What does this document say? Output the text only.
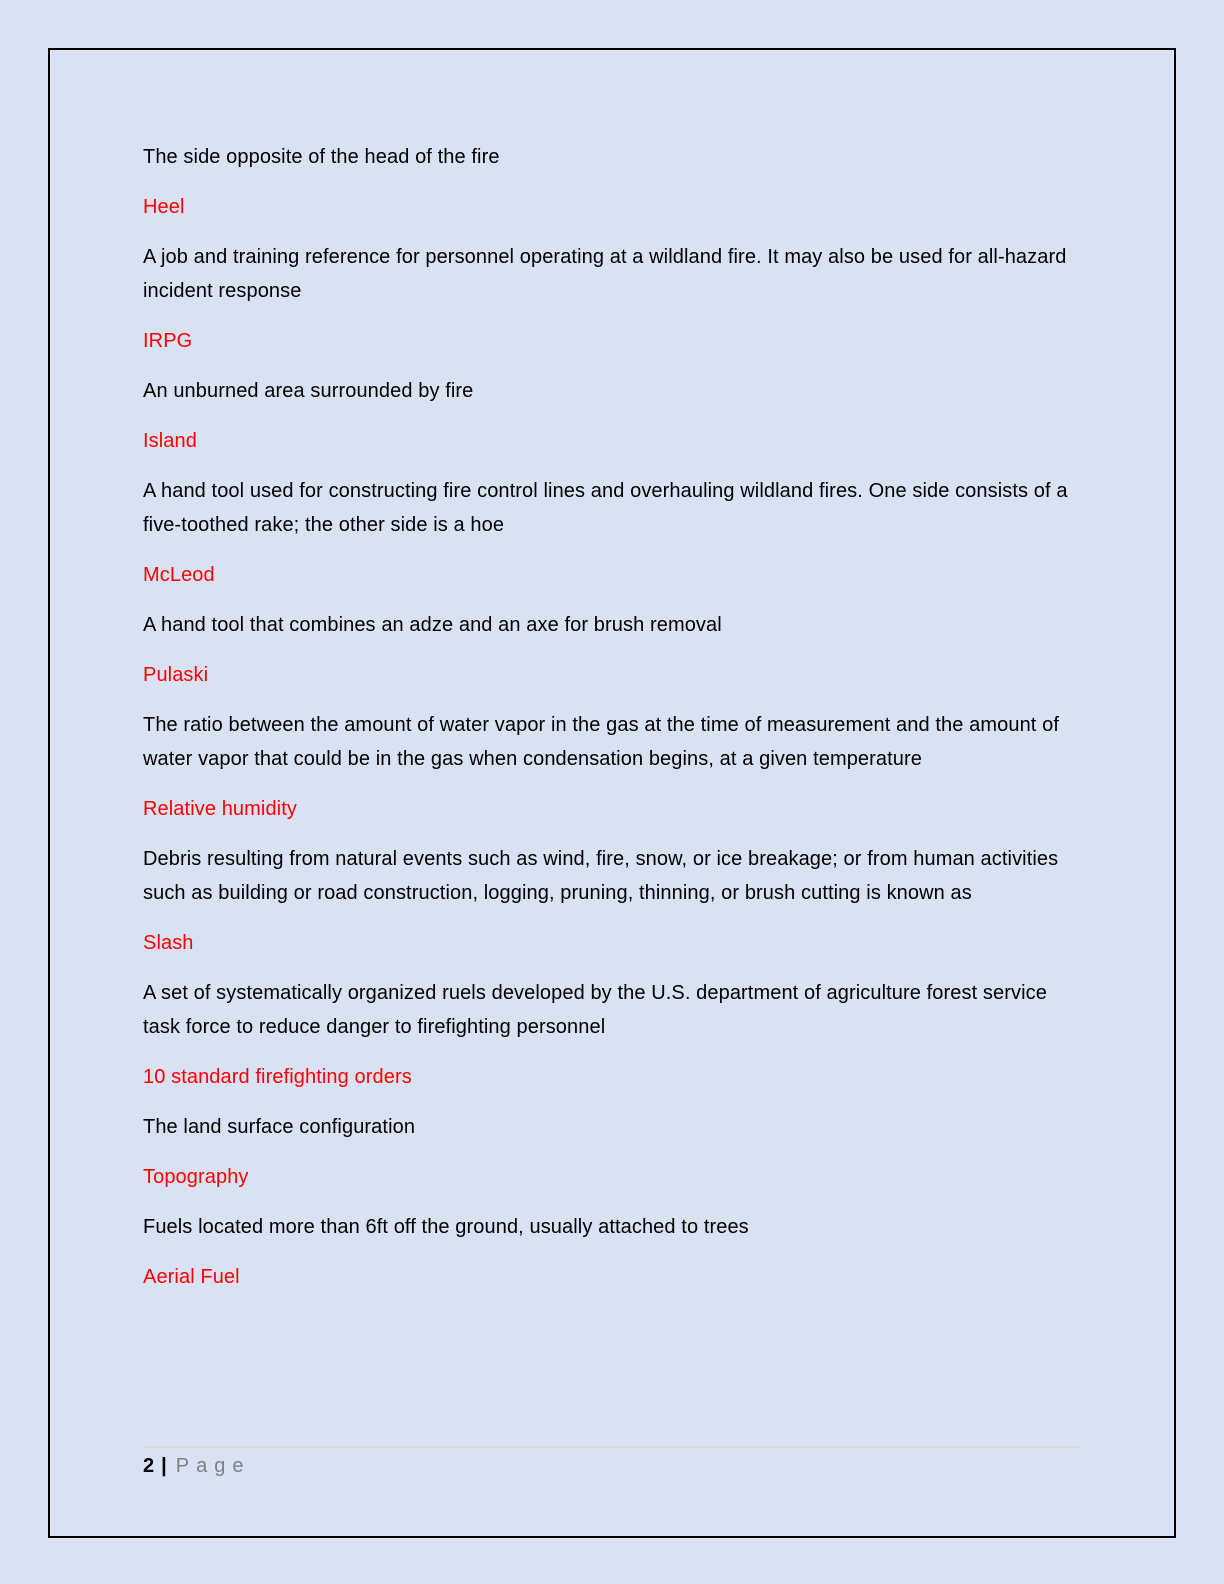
The side opposite of the head of the fire

Heel

A job and training reference for personnel operating at a wildland fire. It may also be used for all-hazard incident response

IRPG

An unburned area surrounded by fire

Island

A hand tool used for constructing fire control lines and overhauling wildland fires. One side consists of a five-toothed rake; the other side is a hoe

McLeod

A hand tool that combines an adze and an axe for brush removal

Pulaski

The ratio between the amount of water vapor in the gas at the time of measurement and the amount of water vapor that could be in the gas when condensation begins, at a given temperature

Relative humidity

Debris resulting from natural events such as wind, fire, snow, or ice breakage; or from human activities such as building or road construction, logging, pruning, thinning, or brush cutting is known as

Slash

A set of systematically organized ruels developed by the U.S. department of agriculture forest service task force to reduce danger to firefighting personnel

10 standard firefighting orders

The land surface configuration

Topography

Fuels located more than 6ft off the ground, usually attached to trees

Aerial Fuel

2 | Page
